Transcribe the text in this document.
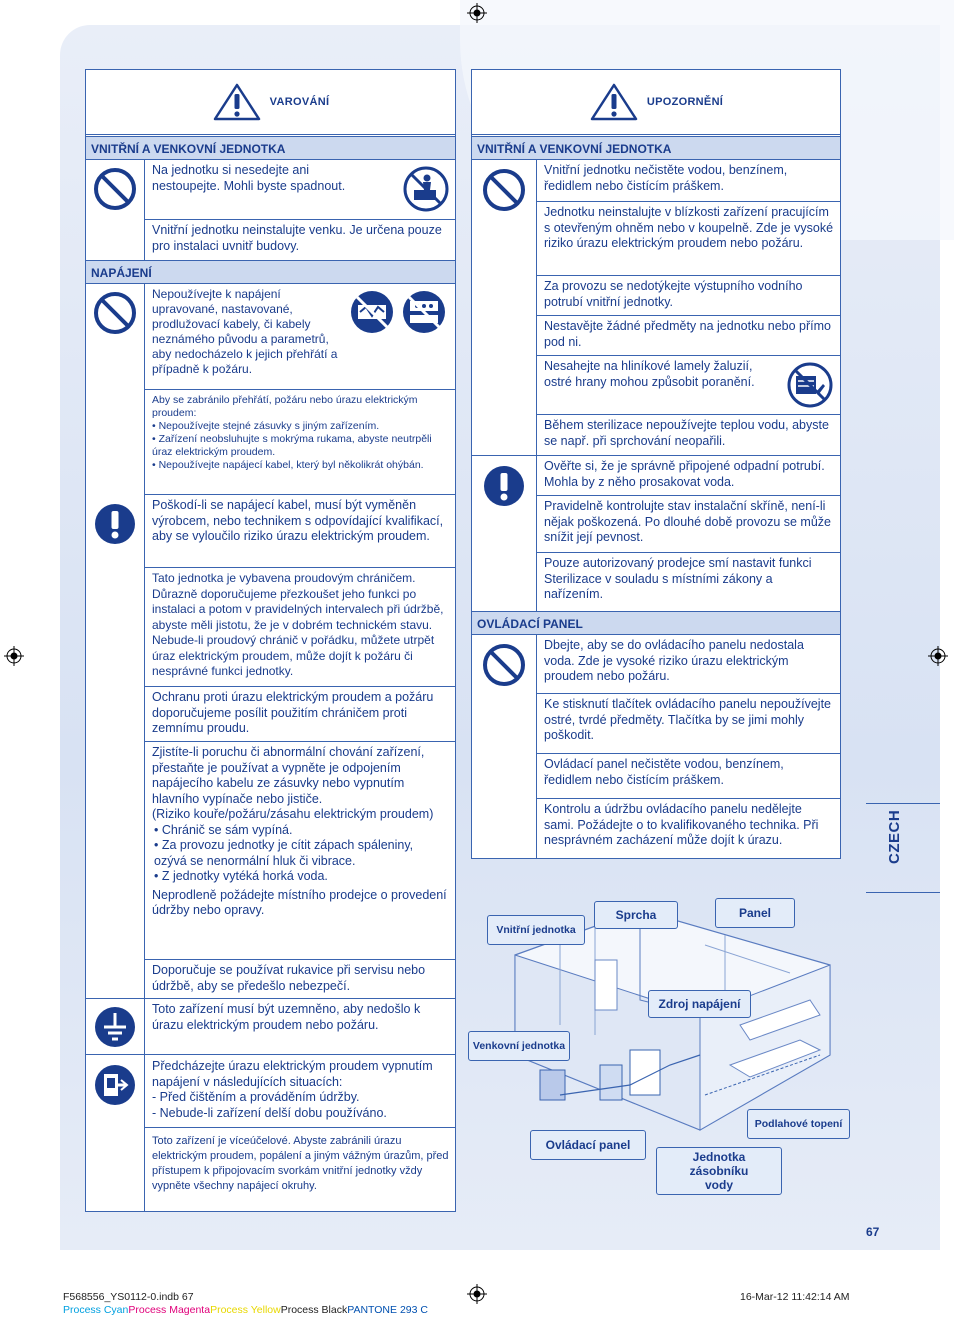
VAROVÁNÍ
VNITŘNÍ A VENKOVNÍ JEDNOTKA
Na jednotku si nesedejte ani nestoupejte. Mohli byste spadnout.
Vnitřní jednotku neinstalujte venku. Je určena pouze pro instalaci uvnitř budovy.
NAPÁJENÍ
Nepoužívejte k napájení upravované, nastavované, prodlužovací kabely, či kabely neznámého původu a parametrů, aby nedocházelo k jejich přehřátí a případně k požáru.
Aby se zabránilo přehřátí, požáru nebo úrazu elektrickým proudem:
• Nepoužívejte stejné zásuvky s jiným zařízením.
• Zařízení neobsluhujte s mokrýma rukama, abyste neutrpěli úraz elektrickým proudem.
• Nepoužívejte napájecí kabel, který byl několikrát ohýbán.
Poškodí-li se napájecí kabel, musí být vyměněn výrobcem, nebo technikem s odpovídající kvalifikací, aby se vyloučilo riziko úrazu elektrickým proudem.
Tato jednotka je vybavena proudovým chráničem. Důrazně doporučujeme přezkoušet jeho funkci po instalaci a potom v pravidelných intervalech při údržbě, abyste měli jistotu, že je v dobrém technickém stavu. Nebude-li proudový chránič v pořádku, můžete utrpět úraz elektrickým proudem, může dojít k požáru či nesprávné funkci jednotky.
Ochranu proti úrazu elektrickým proudem a požáru doporučujeme posílit použitím chráničem proti zemnímu proudu.
Zjistíte-li poruchu či abnormální chování zařízení, přestaňte je používat a vypněte je odpojením napájecího kabelu ze zásuvky nebo vypnutím hlavního vypínače nebo jističe.
(Riziko kouře/požáru/zásahu elektrickým proudem)
• Chránič se sám vypíná.
• Za provozu jednotky je cítit zápach spáleniny, ozývá se nenormální hluk či vibrace.
• Z jednotky vytéká horká voda.
Neprodleně požádejte místního prodejce o provedení údržby nebo opravy.
Doporučuje se používat rukavice při servisu nebo údržbě, aby se předešlo nebezpečí.
Toto zařízení musí být uzemněno, aby nedošlo k úrazu elektrickým proudem nebo požáru.
Předcházejte úrazu elektrickým proudem vypnutím napájení v následujících situacích:
- Před čištěním a prováděním údržby.
- Nebude-li zařízení delší dobu používáno.
Toto zařízení je víceúčelové. Abyste zabránili úrazu elektrickým proudem, popálení a jiným vážným úrazům, před přístupem k připojovacím svorkám vnitřní jednotky vždy vypněte všechny napájecí okruhy.
UPOZORNĚNÍ
VNITŘNÍ A VENKOVNÍ JEDNOTKA
Vnitřní jednotku nečistěte vodou, benzínem, ředidlem nebo čistícím práškem.
Jednotku neinstalujte v blízkosti zařízení pracujícím s otevřeným ohněm nebo v koupelně. Zde je vysoké riziko úrazu elektrickým proudem nebo požáru.
Za provozu se nedotýkejte výstupního vodního potrubí vnitřní jednotky.
Nestavějte žádné předměty na jednotku nebo přímo pod ni.
Nesahejte na hliníkové lamely žaluzií, ostré hrany mohou způsobit poranění.
Během sterilizace nepoužívejte teplou vodu, abyste se např. při sprchování neopařili.
Ověřte si, že je správně připojené odpadní potrubí. Mohla by z něho prosakovat voda.
Pravidelně kontrolujte stav instalační skříně, není-li nějak poškozená. Po dlouhé době provozu se může snížit její pevnost.
Pouze autorizovaný prodejce smí nastavit funkci Sterilizace v souladu s místními zákony a nařízením.
OVLÁDACÍ PANEL
Dbejte, aby se do ovládacího panelu nedostala voda. Zde je vysoké riziko úrazu elektrickým proudem nebo požáru.
Ke stisknutí tlačítek ovládacího panelu nepoužívejte ostré, tvrdé předměty. Tlačítka by se jimi mohly poškodit.
Ovládací panel nečistěte vodou, benzínem, ředidlem nebo čistícím práškem.
Kontrolu a údržbu ovládacího panelu nedělejte sami. Požádejte o to kvalifikovaného technika. Při nesprávném zacházení může dojít k úrazu.	CZECH
Vnitřní jednotka
Sprcha	Panel
Zdroj napájení
Venkovní jednotka
Ovládací panel
Jednotka zásobníku vody
Podlahové topení
67
F568556_YS0112-0.indb 67	16-Mar-12 11:42:14 AM
Process CyanProcess MagentaProcess YellowProcess BlackPANTONE 293 C
